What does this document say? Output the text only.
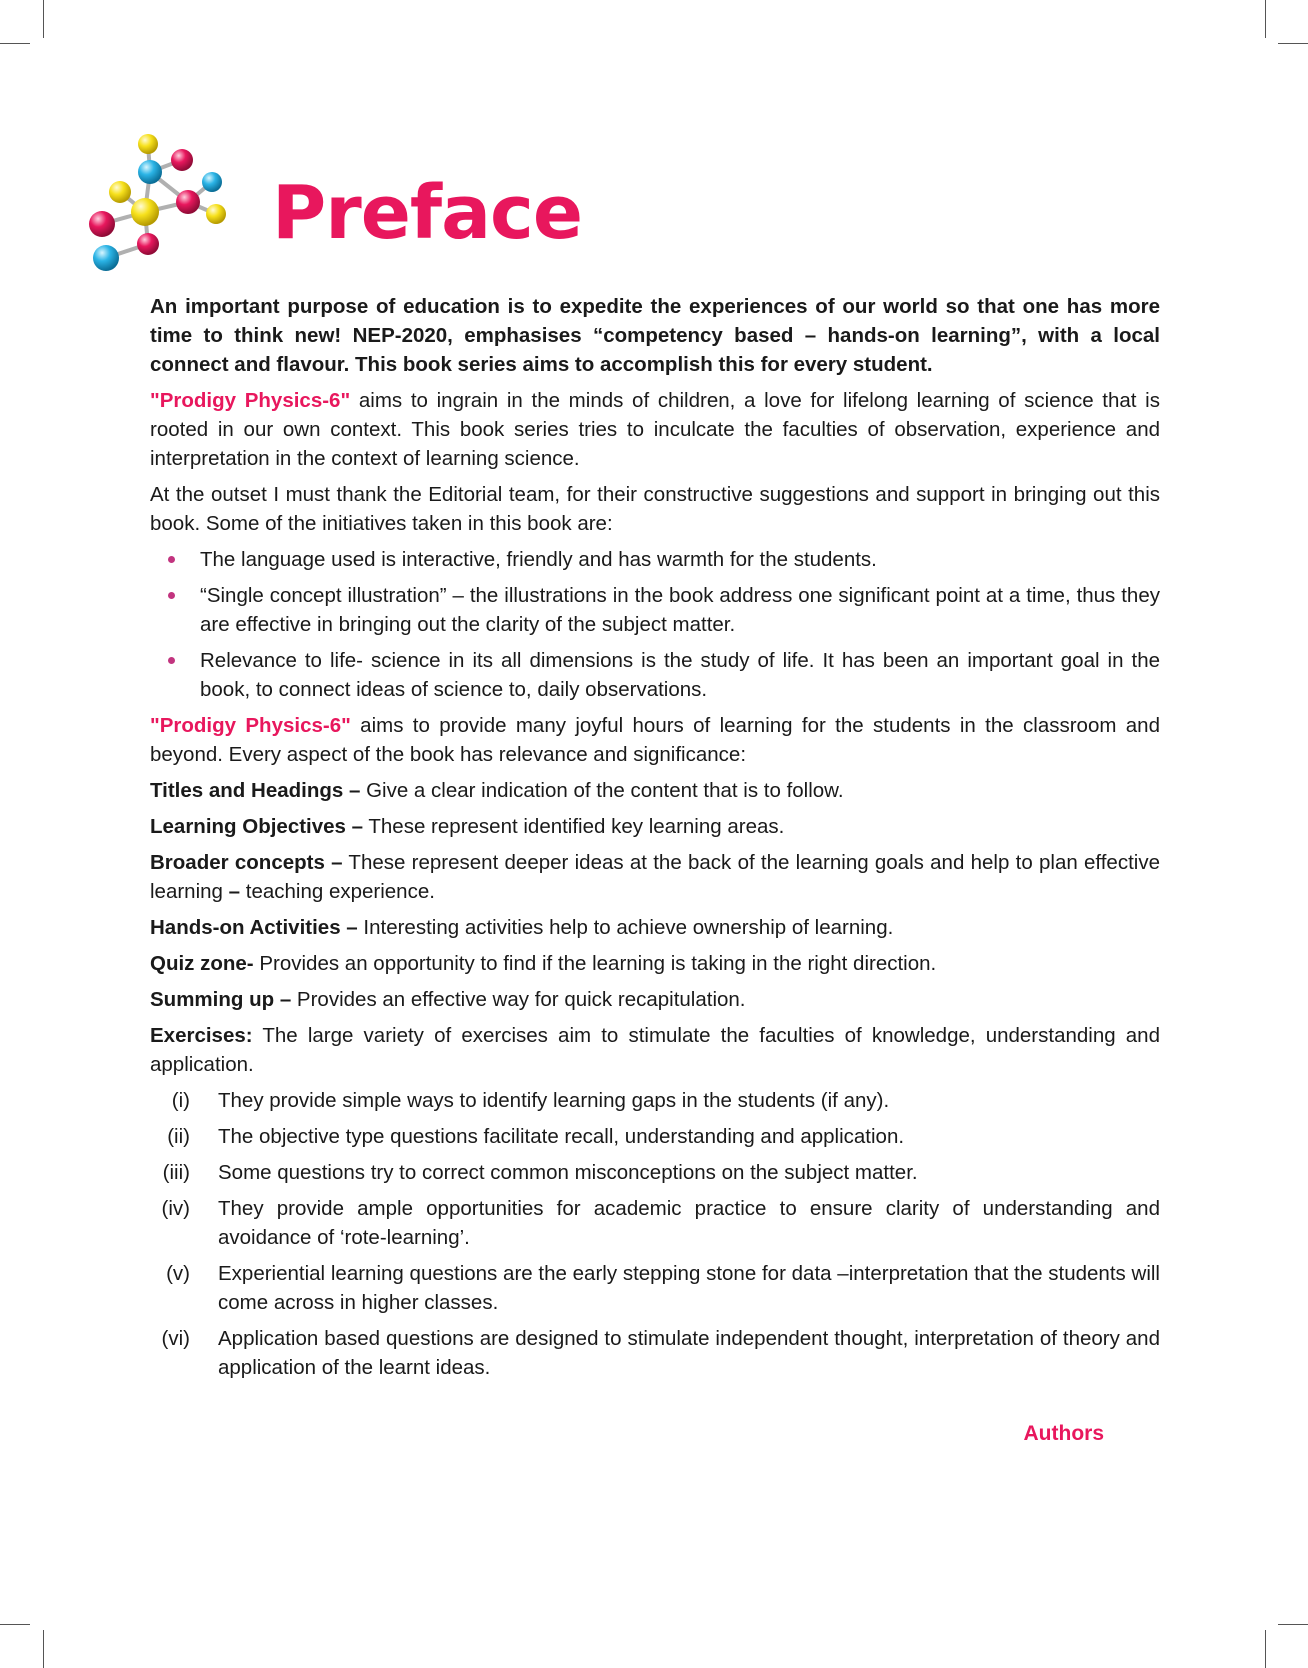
Preface

An important purpose of education is to expedite the experiences of our world so that one has more time to think new! NEP-2020, emphasises “competency based – hands-on learning”, with a local connect and flavour. This book series aims to accomplish this for every student.

"Prodigy Physics-6" aims to ingrain in the minds of children, a love for lifelong learning of science that is rooted in our own context. This book series tries to inculcate the faculties of observation, experience and interpretation in the context of learning science.

At the outset I must thank the Editorial team, for their constructive suggestions and support in bringing out this book. Some of the initiatives taken in this book are:

The language used is interactive, friendly and has warmth for the students.
“Single concept illustration” – the illustrations in the book address one significant point at a time, thus they are effective in bringing out the clarity of the subject matter.
Relevance to life- science in its all dimensions is the study of life. It has been an important goal in the book, to connect ideas of science to, daily observations.

"Prodigy Physics-6" aims to provide many joyful hours of learning for the students in the classroom and beyond. Every aspect of the book has relevance and significance:

Titles and Headings – Give a clear indication of the content that is to follow.

Learning Objectives – These represent identified key learning areas.

Broader concepts – These represent deeper ideas at the back of the learning goals and help to plan effective learning – teaching experience.

Hands-on Activities – Interesting activities help to achieve ownership of learning.

Quiz zone- Provides an opportunity to find if the learning is taking in the right direction.

Summing up – Provides an effective way for quick recapitulation.

Exercises: The large variety of exercises aim to stimulate the faculties of knowledge, understanding and application.

(i) They provide simple ways to identify learning gaps in the students (if any).
(ii) The objective type questions facilitate recall, understanding and application.
(iii) Some questions try to correct common misconceptions on the subject matter.
(iv) They provide ample opportunities for academic practice to ensure clarity of understanding and avoidance of ‘rote-learning’.
(v) Experiential learning questions are the early stepping stone for data –interpretation that the students will come across in higher classes.
(vi) Application based questions are designed to stimulate independent thought, interpretation of theory and application of the learnt ideas.
Authors
